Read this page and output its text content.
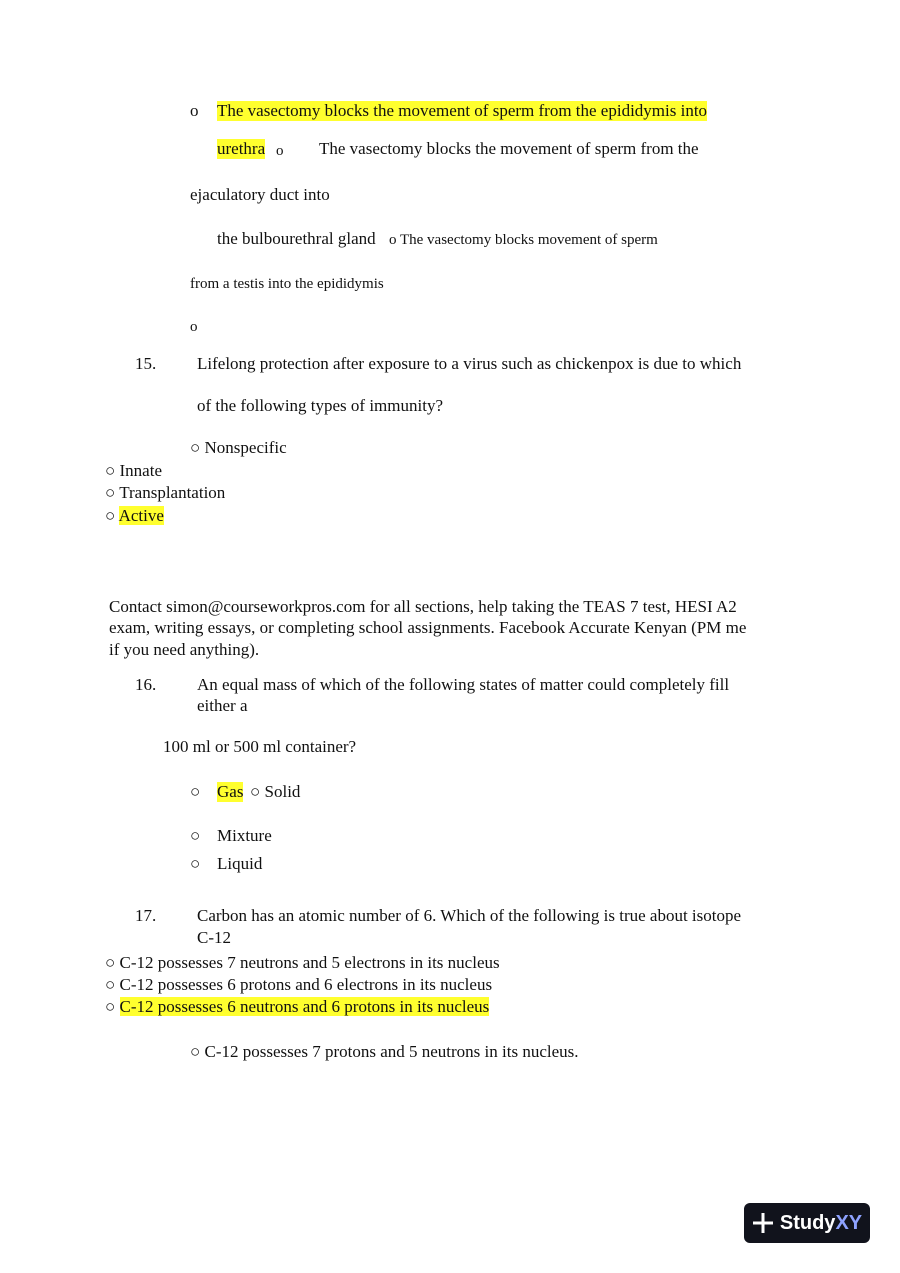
o The vasectomy blocks the movement of sperm from the epididymis into
urethra o The vasectomy blocks the movement of sperm from the
ejaculatory duct into
the bulbourethral gland o The vasectomy blocks movement of sperm
from a testis into the epididymis
o
15. Lifelong protection after exposure to a virus such as chickenpox is due to which
of the following types of immunity?
○ Nonspecific
○ Innate
○ Transplantation
○ Active
Contact simon@courseworkpros.com for all sections, help taking the TEAS 7 test, HESI A2
exam, writing essays, or completing school assignments. Facebook Accurate Kenyan (PM me
if you need anything).
16. An equal mass of which of the following states of matter could completely fill
either a
100 ml or 500 ml container?
○ Gas ○ Solid
○ Mixture
○ Liquid
17. Carbon has an atomic number of 6. Which of the following is true about isotope
C-12
○ C-12 possesses 7 neutrons and 5 electrons in its nucleus
○ C-12 possesses 6 protons and 6 electrons in its nucleus
○ C-12 possesses 6 neutrons and 6 protons in its nucleus
○ C-12 possesses 7 protons and 5 neutrons in its nucleus.
Study XY
